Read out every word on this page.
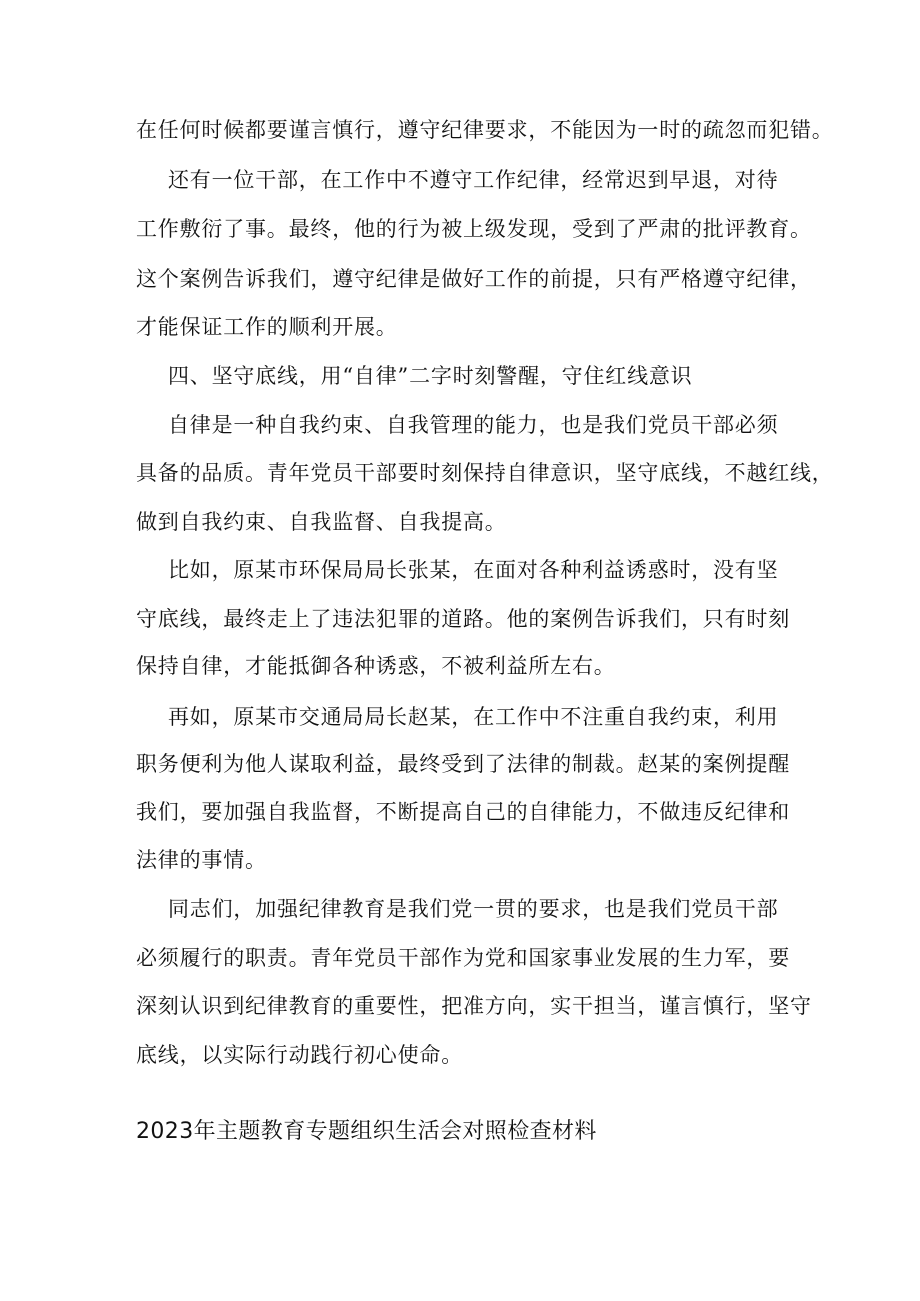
在任何时候都要谨言慎行，遵守纪律要求，不能因为一时的疏忽而犯错。
还有一位干部，在工作中不遵守工作纪律，经常迟到早退，对待
工作敷衍了事。最终，他的行为被上级发现，受到了严肃的批评教育。
这个案例告诉我们，遵守纪律是做好工作的前提，只有严格遵守纪律，
才能保证工作的顺利开展。
四、坚守底线，用“自律”二字时刻警醒，守住红线意识
自律是一种自我约束、自我管理的能力，也是我们党员干部必须
具备的品质。青年党员干部要时刻保持自律意识，坚守底线，不越红线，
做到自我约束、自我监督、自我提高。
比如，原某市环保局局长张某，在面对各种利益诱惑时，没有坚
守底线，最终走上了违法犯罪的道路。他的案例告诉我们，只有时刻
保持自律，才能抵御各种诱惑，不被利益所左右。
再如，原某市交通局局长赵某，在工作中不注重自我约束，利用
职务便利为他人谋取利益，最终受到了法律的制裁。赵某的案例提醒
我们，要加强自我监督，不断提高自己的自律能力，不做违反纪律和
法律的事情。
同志们，加强纪律教育是我们党一贯的要求，也是我们党员干部
必须履行的职责。青年党员干部作为党和国家事业发展的生力军，要
深刻认识到纪律教育的重要性，把准方向，实干担当，谨言慎行，坚守
底线，以实际行动践行初心使命。
2023年主题教育专题组织生活会对照检查材料
